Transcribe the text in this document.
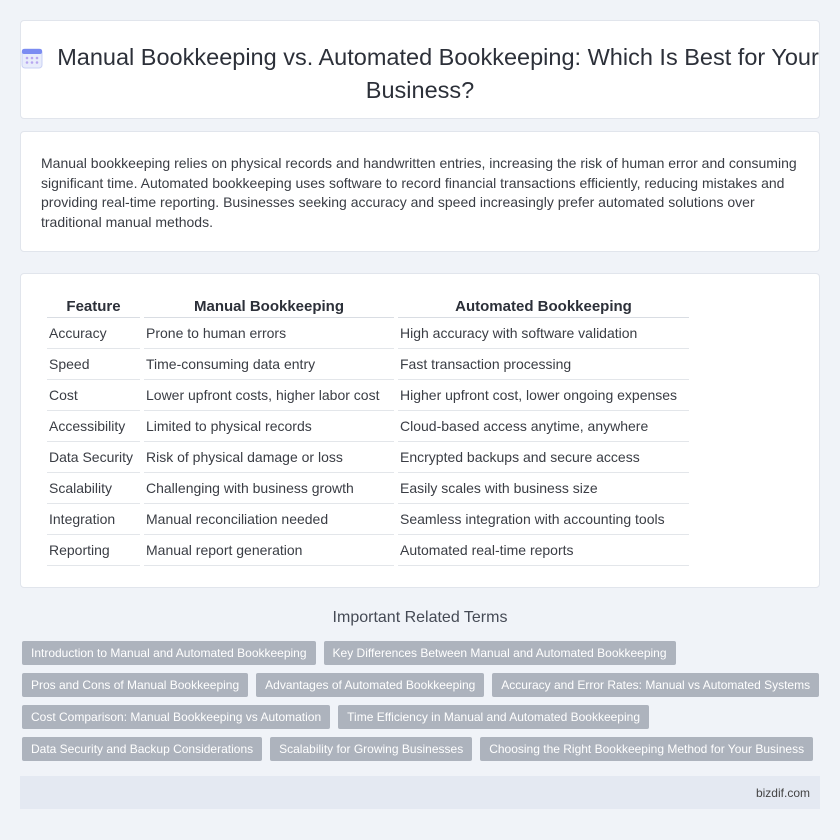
Manual Bookkeeping vs. Automated Bookkeeping: Which Is Best for Your Business?

Manual bookkeeping relies on physical records and handwritten entries, increasing the risk of human error and consuming significant time. Automated bookkeeping uses software to record financial transactions efficiently, reducing mistakes and providing real-time reporting. Businesses seeking accuracy and speed increasingly prefer automated solutions over traditional manual methods.

Feature	Manual Bookkeeping	Automated Bookkeeping
Accuracy	Prone to human errors	High accuracy with software validation
Speed	Time-consuming data entry	Fast transaction processing
Cost	Lower upfront costs, higher labor cost	Higher upfront cost, lower ongoing expenses
Accessibility	Limited to physical records	Cloud-based access anytime, anywhere
Data Security	Risk of physical damage or loss	Encrypted backups and secure access
Scalability	Challenging with business growth	Easily scales with business size
Integration	Manual reconciliation needed	Seamless integration with accounting tools
Reporting	Manual report generation	Automated real-time reports
Important Related Terms
Introduction to Manual and Automated Bookkeeping	Key Differences Between Manual and Automated Bookkeeping
Pros and Cons of Manual Bookkeeping	Advantages of Automated Bookkeeping	Accuracy and Error Rates: Manual vs Automated Systems
Cost Comparison: Manual Bookkeeping vs Automation	Time Efficiency in Manual and Automated Bookkeeping
Data Security and Backup Considerations	Scalability for Growing Businesses	Choosing the Right Bookkeeping Method for Your Business
bizdif.com
